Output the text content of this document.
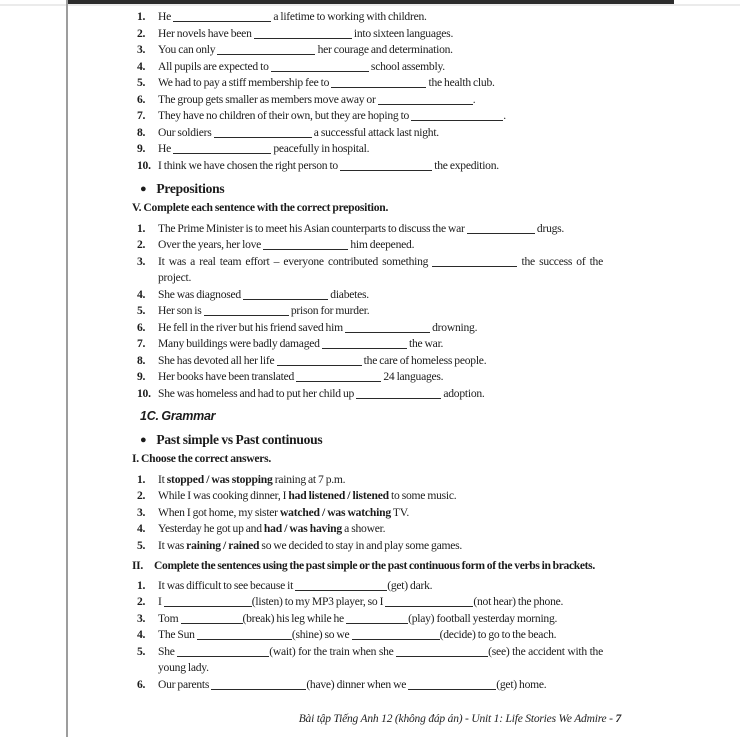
1. He	a lifetime to working with children.
2. Her novels have been	into sixteen languages.
3. You can only	her courage and determination.
4. All pupils are expected to	school assembly.
5. We had to pay a stiff membership fee to	the health club.
6. The group gets smaller as members move away or	.
7. They have no children of their own, but they are hoping to	.
8. Our soldiers	a successful attack last night.
9. He	peacefully in hospital.
10. I think we have chosen the right person to	the expedition.
● Prepositions
V. Complete each sentence with the correct preposition.
1. The Prime Minister is to meet his Asian counterparts to discuss the war	drugs.
2. Over the years, her love	him deepened.
3. It was a real team effort – everyone contributed something	the success of the project.
4. She was diagnosed	diabetes.
5. Her son is	prison for murder.
6. He fell in the river but his friend saved him	drowning.
7. Many buildings were badly damaged	the war.
8. She has devoted all her life	the care of homeless people.
9. Her books have been translated	24 languages.
10. She was homeless and had to put her child up	adoption.
1C. Grammar
● Past simple vs Past continuous
I. Choose the correct answers.
1. It stopped / was stopping raining at 7 p.m.
2. While I was cooking dinner, I had listened / listened to some music.
3. When I got home, my sister watched / was watching TV.
4. Yesterday he got up and had / was having a shower.
5. It was raining / rained so we decided to stay in and play some games.
II. Complete the sentences using the past simple or the past continuous form of the verbs in brackets.
1. It was difficult to see because it	(get) dark.
2. I	(listen) to my MP3 player, so I	(not hear) the phone.
3. Tom	(break) his leg while he	(play) football yesterday morning.
4. The Sun	(shine) so we	(decide) to go to the beach.
5. She	(wait) for the train when she	(see) the accident with the young lady.
6. Our parents	(have) dinner when we	(get) home.
Bài tập Tiếng Anh 12 (không đáp án) - Unit 1: Life Stories We Admire - 7
